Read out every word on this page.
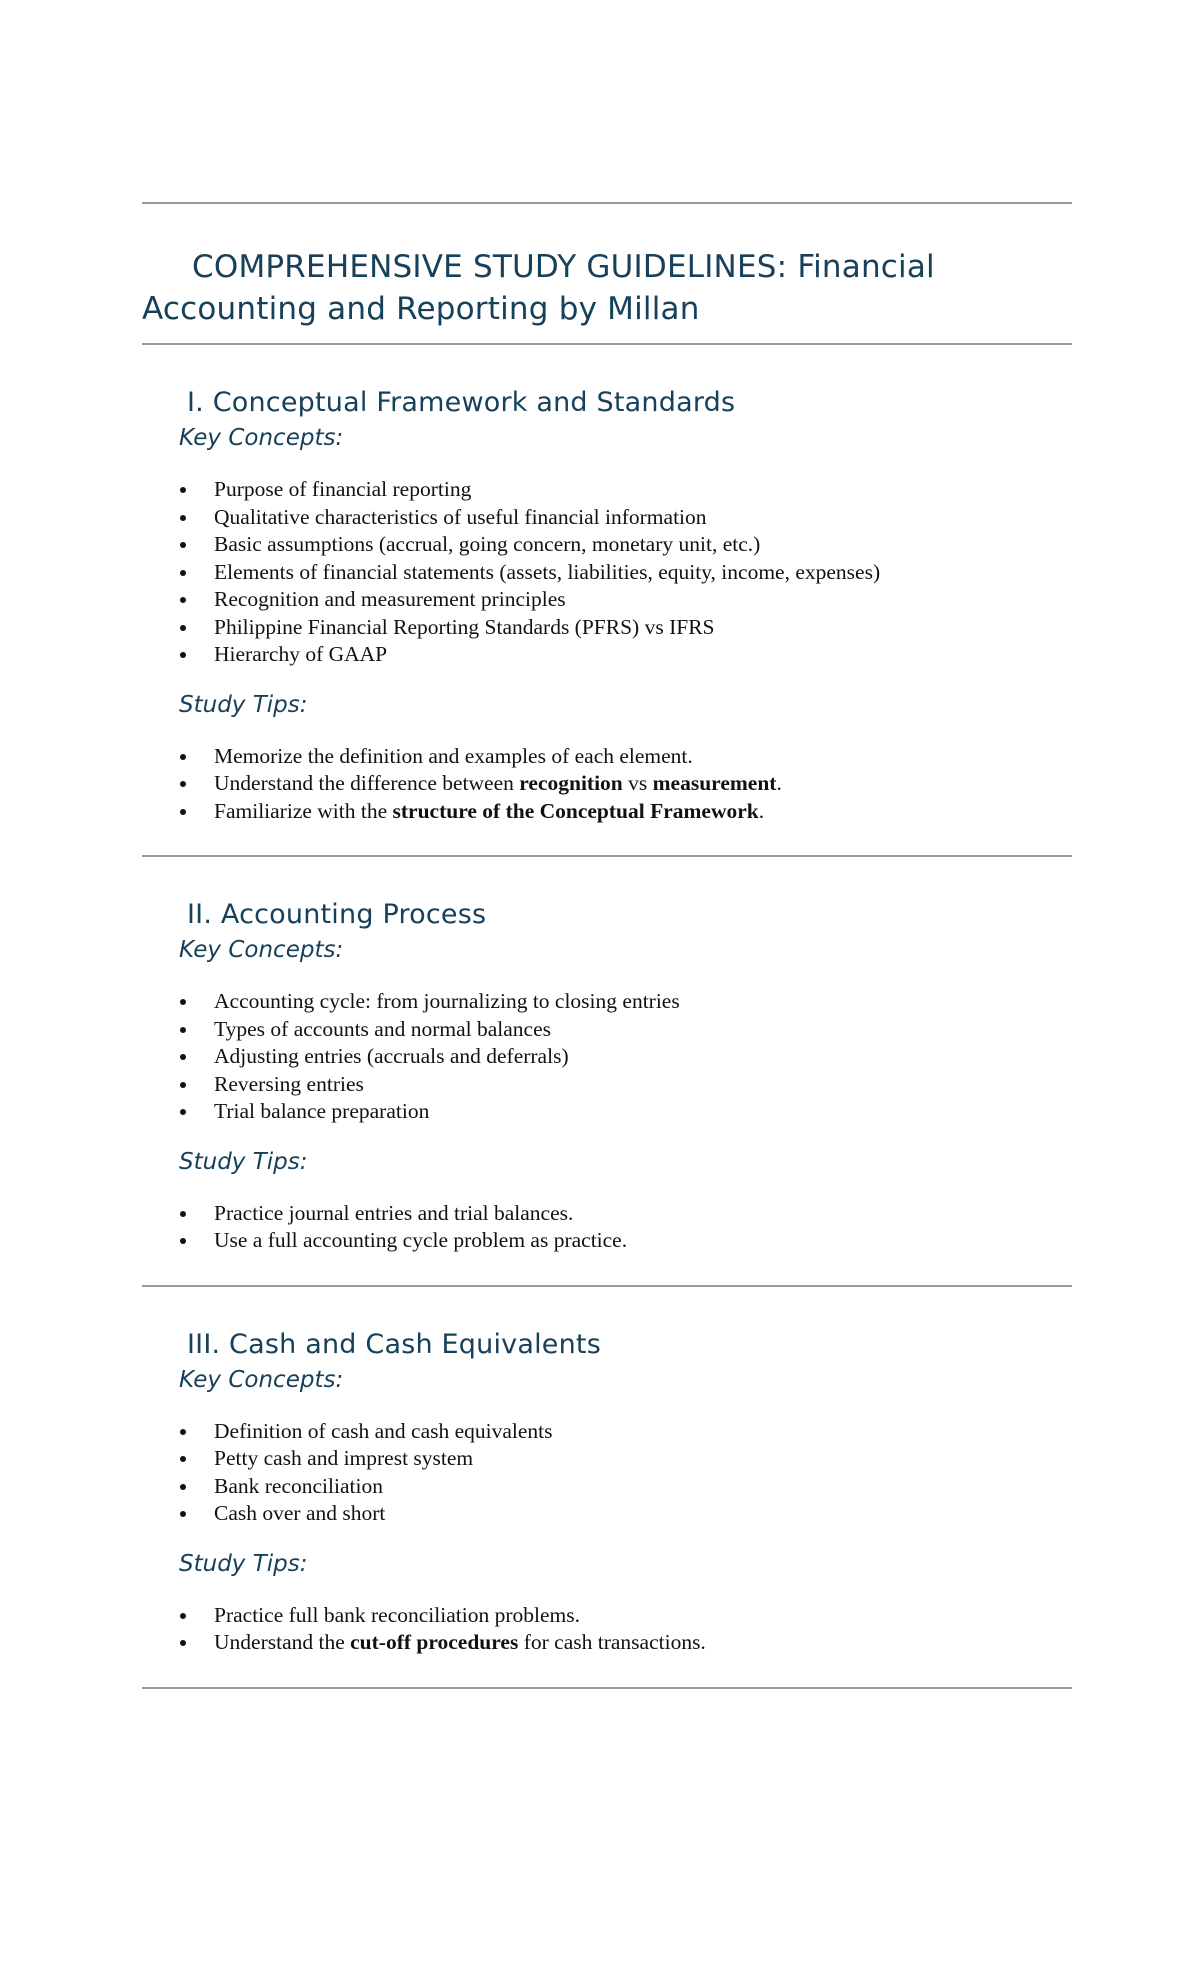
COMPREHENSIVE STUDY GUIDELINES: Financial Accounting and Reporting by Millan
I. Conceptual Framework and Standards
Key Concepts:
Purpose of financial reporting
Qualitative characteristics of useful financial information
Basic assumptions (accrual, going concern, monetary unit, etc.)
Elements of financial statements (assets, liabilities, equity, income, expenses)
Recognition and measurement principles
Philippine Financial Reporting Standards (PFRS) vs IFRS
Hierarchy of GAAP
Study Tips:
Memorize the definition and examples of each element.
Understand the difference between recognition vs measurement.
Familiarize with the structure of the Conceptual Framework.
II. Accounting Process
Key Concepts:
Accounting cycle: from journalizing to closing entries
Types of accounts and normal balances
Adjusting entries (accruals and deferrals)
Reversing entries
Trial balance preparation
Study Tips:
Practice journal entries and trial balances.
Use a full accounting cycle problem as practice.
III. Cash and Cash Equivalents
Key Concepts:
Definition of cash and cash equivalents
Petty cash and imprest system
Bank reconciliation
Cash over and short
Study Tips:
Practice full bank reconciliation problems.
Understand the cut-off procedures for cash transactions.
